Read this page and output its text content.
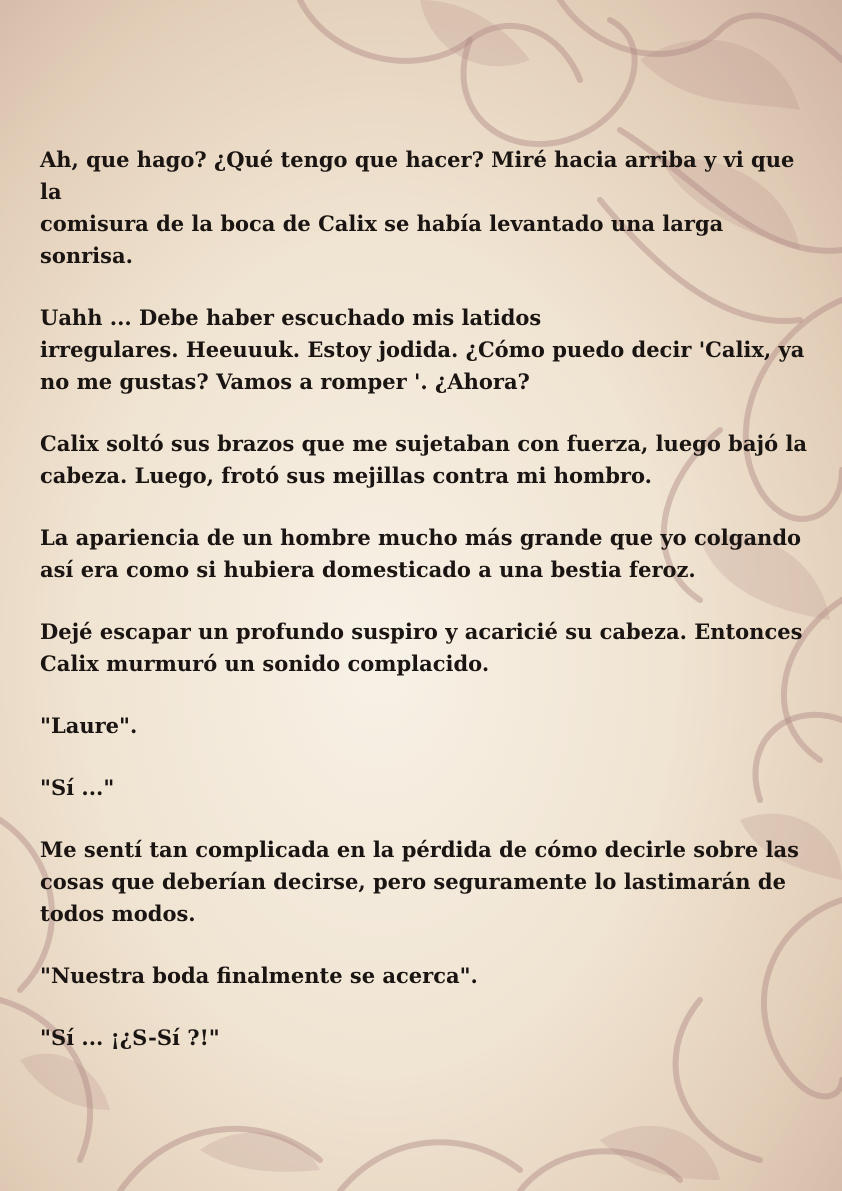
Ah, que hago? ¿Qué tengo que hacer? Miré hacia arriba y vi que la
comisura de la boca de Calix se había levantado una larga
sonrisa.

Uahh ... Debe haber escuchado mis latidos
irregulares. Heeuuuk. Estoy jodida. ¿Cómo puedo decir 'Calix, ya
no me gustas? Vamos a romper '. ¿Ahora?

Calix soltó sus brazos que me sujetaban con fuerza, luego bajó la
cabeza. Luego, frotó sus mejillas contra mi hombro.

La apariencia de un hombre mucho más grande que yo colgando
así era como si hubiera domesticado a una bestia feroz.

Dejé escapar un profundo suspiro y acaricié su cabeza. Entonces
Calix murmuró un sonido complacido.

"Laure".

"Sí ..."

Me sentí tan complicada en la pérdida de cómo decirle sobre las
cosas que deberían decirse, pero seguramente lo lastimarán de
todos modos.

"Nuestra boda finalmente se acerca".

"Sí ... ¡¿S-Sí ?!"
